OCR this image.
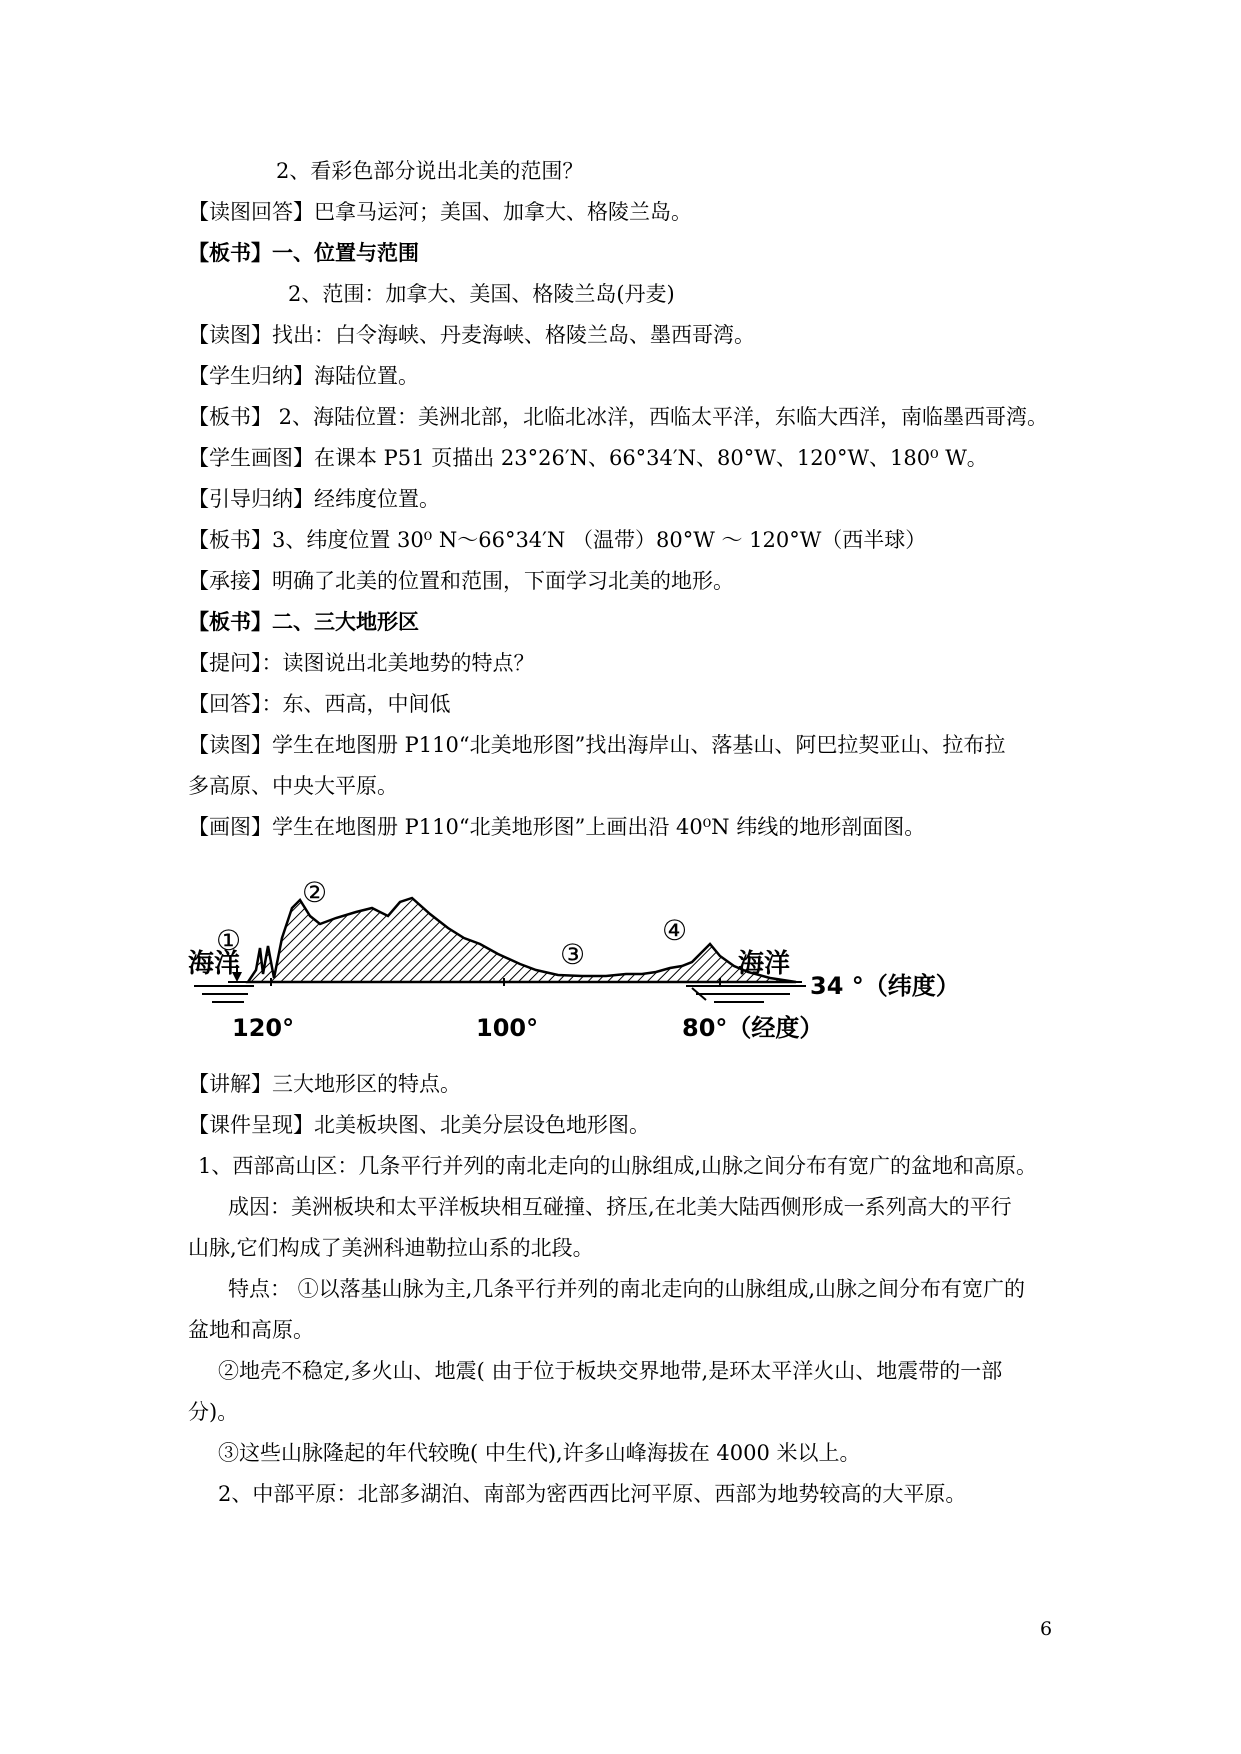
2、看彩色部分说出北美的范围？
【读图回答】巴拿马运河；美国、加拿大、格陵兰岛。
【板书】一、位置与范围
2、范围：加拿大、美国、格陵兰岛(丹麦)
【读图】找出：白令海峡、丹麦海峡、格陵兰岛、墨西哥湾。
【学生归纳】海陆位置。
【板书】 2、海陆位置：美洲北部，北临北冰洋，西临太平洋，东临大西洋，南临墨西哥湾。
【学生画图】在课本 P51 页描出 23°26′N、66°34′N、80°W、120°W、180⁰ W。
【引导归纳】经纬度位置。
【板书】3、纬度位置 30⁰ N～66°34′N （温带）80°W ～ 120°W（西半球）
【承接】明确了北美的位置和范围，下面学习北美的地形。
【板书】二、三大地形区
【提问】：读图说出北美地势的特点？
【回答】：东、西高，中间低
【读图】学生在地图册 P110“北美地形图”找出海岸山、落基山、阿巴拉契亚山、拉布拉
多高原、中央大平原。
【画图】学生在地图册 P110“北美地形图”上画出沿 40⁰N 纬线的地形剖面图。
海洋
①
②
③
④
海洋
34 °（纬度）
120°	100°	80°（经度）
【讲解】三大地形区的特点。
【课件呈现】北美板块图、北美分层设色地形图。
1、西部高山区：几条平行并列的南北走向的山脉组成,山脉之间分布有宽广的盆地和高原。
成因：美洲板块和太平洋板块相互碰撞、挤压,在北美大陆西侧形成一系列高大的平行
山脉,它们构成了美洲科迪勒拉山系的北段。
特点： ①以落基山脉为主,几条平行并列的南北走向的山脉组成,山脉之间分布有宽广的
盆地和高原。
②地壳不稳定,多火山、地震( 由于位于板块交界地带,是环太平洋火山、地震带的一部
分)。
③这些山脉隆起的年代较晚( 中生代),许多山峰海拔在 4000 米以上。
2、中部平原：北部多湖泊、南部为密西西比河平原、西部为地势较高的大平原。
6
